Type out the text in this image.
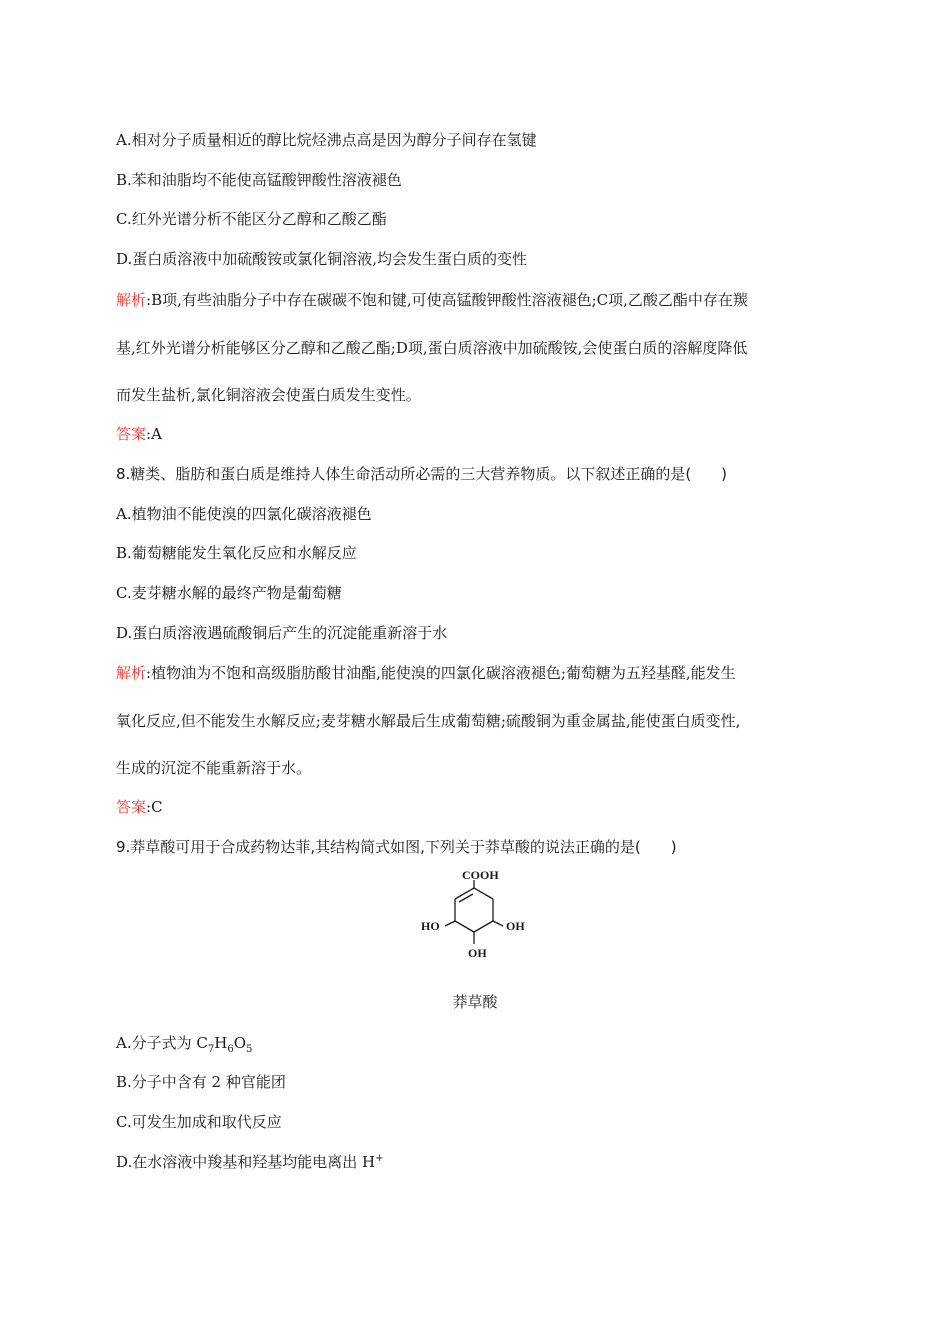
A.相对分子质量相近的醇比烷烃沸点高是因为醇分子间存在氢键
B.苯和油脂均不能使高锰酸钾酸性溶液褪色
C.红外光谱分析不能区分乙醇和乙酸乙酯
D.蛋白质溶液中加硫酸铵或氯化铜溶液,均会发生蛋白质的变性
解析:B项,有些油脂分子中存在碳碳不饱和键,可使高锰酸钾酸性溶液褪色;C项,乙酸乙酯中存在羰
基,红外光谱分析能够区分乙醇和乙酸乙酯;D项,蛋白质溶液中加硫酸铵,会使蛋白质的溶解度降低
而发生盐析,氯化铜溶液会使蛋白质发生变性。
答案:A
8.糖类、脂肪和蛋白质是维持人体生命活动所必需的三大营养物质。以下叙述正确的是(　　)
A.植物油不能使溴的四氯化碳溶液褪色
B.葡萄糖能发生氧化反应和水解反应
C.麦芽糖水解的最终产物是葡萄糖
D.蛋白质溶液遇硫酸铜后产生的沉淀能重新溶于水
解析:植物油为不饱和高级脂肪酸甘油酯,能使溴的四氯化碳溶液褪色;葡萄糖为五羟基醛,能发生
氧化反应,但不能发生水解反应;麦芽糖水解最后生成葡萄糖;硫酸铜为重金属盐,能使蛋白质变性,
生成的沉淀不能重新溶于水。
答案:C
9.莽草酸可用于合成药物达菲,其结构简式如图,下列关于莽草酸的说法正确的是(　　)
COOH
HO	OH
OH
莽草酸
A.分子式为 $C_7H_6O_5$
B.分子中含有 2 种官能团
C.可发生加成和取代反应
D.在水溶液中羧基和羟基均能电离出 H+
